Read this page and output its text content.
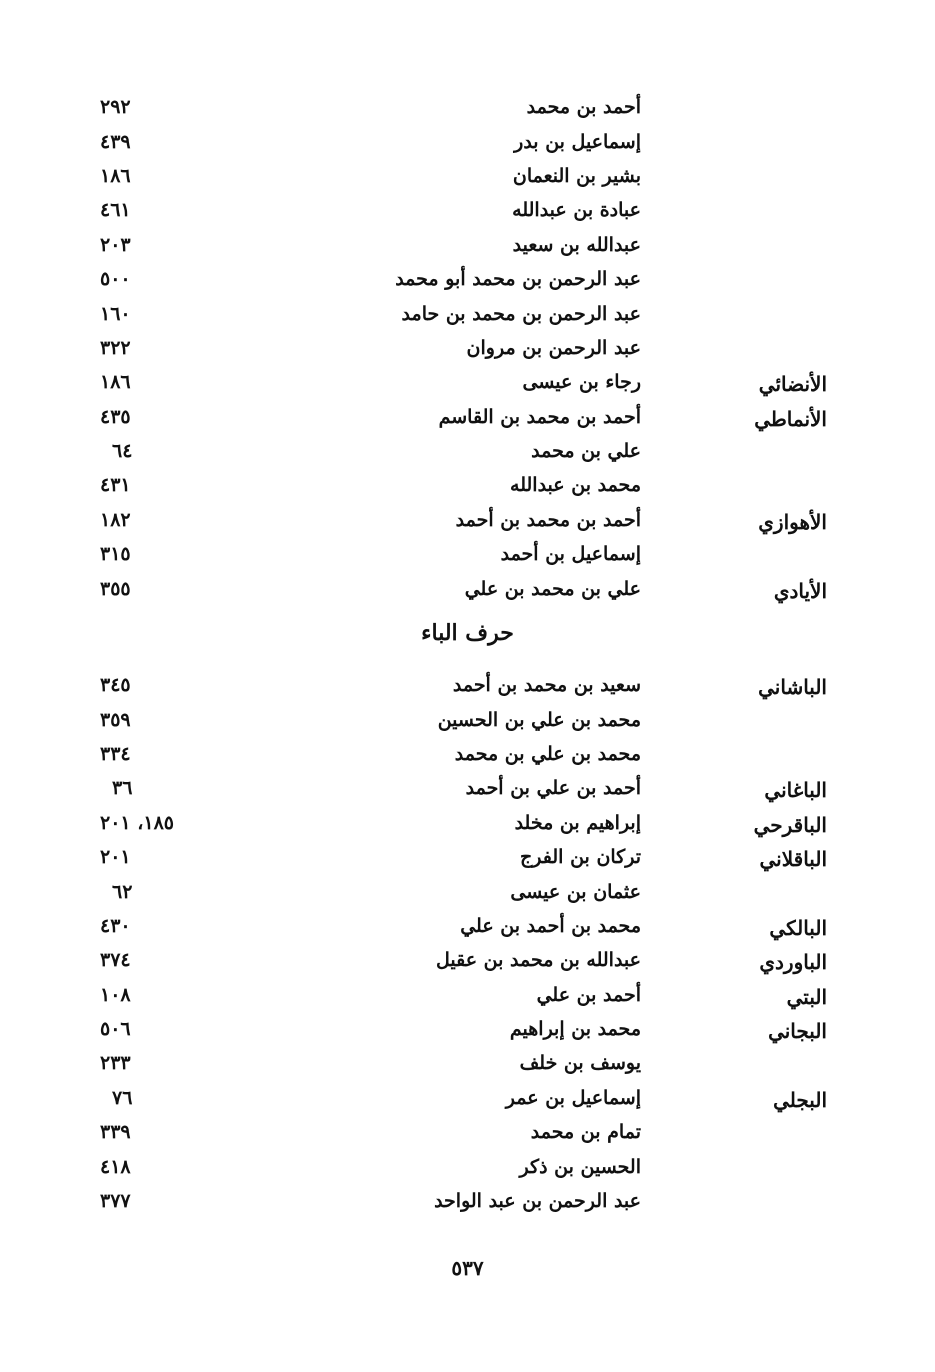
أحمد بن محمد
٢٩٢
إسماعيل بن بدر
٤٣٩
بشير بن النعمان
١٨٦
عبادة بن عبدالله
٤٦١
عبدالله بن سعيد
٢٠٣
عبد الرحمن بن محمد أبو محمد
٥٠٠
عبد الرحمن بن محمد بن حامد
١٦٠
عبد الرحمن بن مروان
٣٢٢
الأنضائي
رجاء بن عيسى
١٨٦
الأنماطي
أحمد بن محمد بن القاسم
٤٣٥
علي بن محمد
٦٤
محمد بن عبدالله
٤٣١
الأهوازي
أحمد بن محمد بن أحمد
١٨٢
إسماعيل بن أحمد
٣١٥
الأيادي
علي بن محمد بن علي
٣٥٥
حرف الباء
الباشاني
سعيد بن محمد بن أحمد
٣٤٥
محمد بن علي بن الحسين
٣٥٩
محمد بن علي بن محمد
٣٣٤
الباغاني
أحمد بن علي بن أحمد
٣٦
الباقرحي
إبراهيم بن مخلد
١٨٥، ٢٠١
الباقلاني
تركان بن الفرج
٢٠١
عثمان بن عيسى
٦٢
البالكي
محمد بن أحمد بن علي
٤٣٠
الباوردي
عبدالله بن محمد بن عقيل
٣٧٤
البتي
أحمد بن علي
١٠٨
البجاني
محمد بن إبراهيم
٥٠٦
يوسف بن خلف
٢٣٣
البجلي
إسماعيل بن عمر
٧٦
تمام بن محمد
٣٣٩
الحسين بن ذكر
٤١٨
عبد الرحمن بن عبد الواحد
٣٧٧
٥٣٧
